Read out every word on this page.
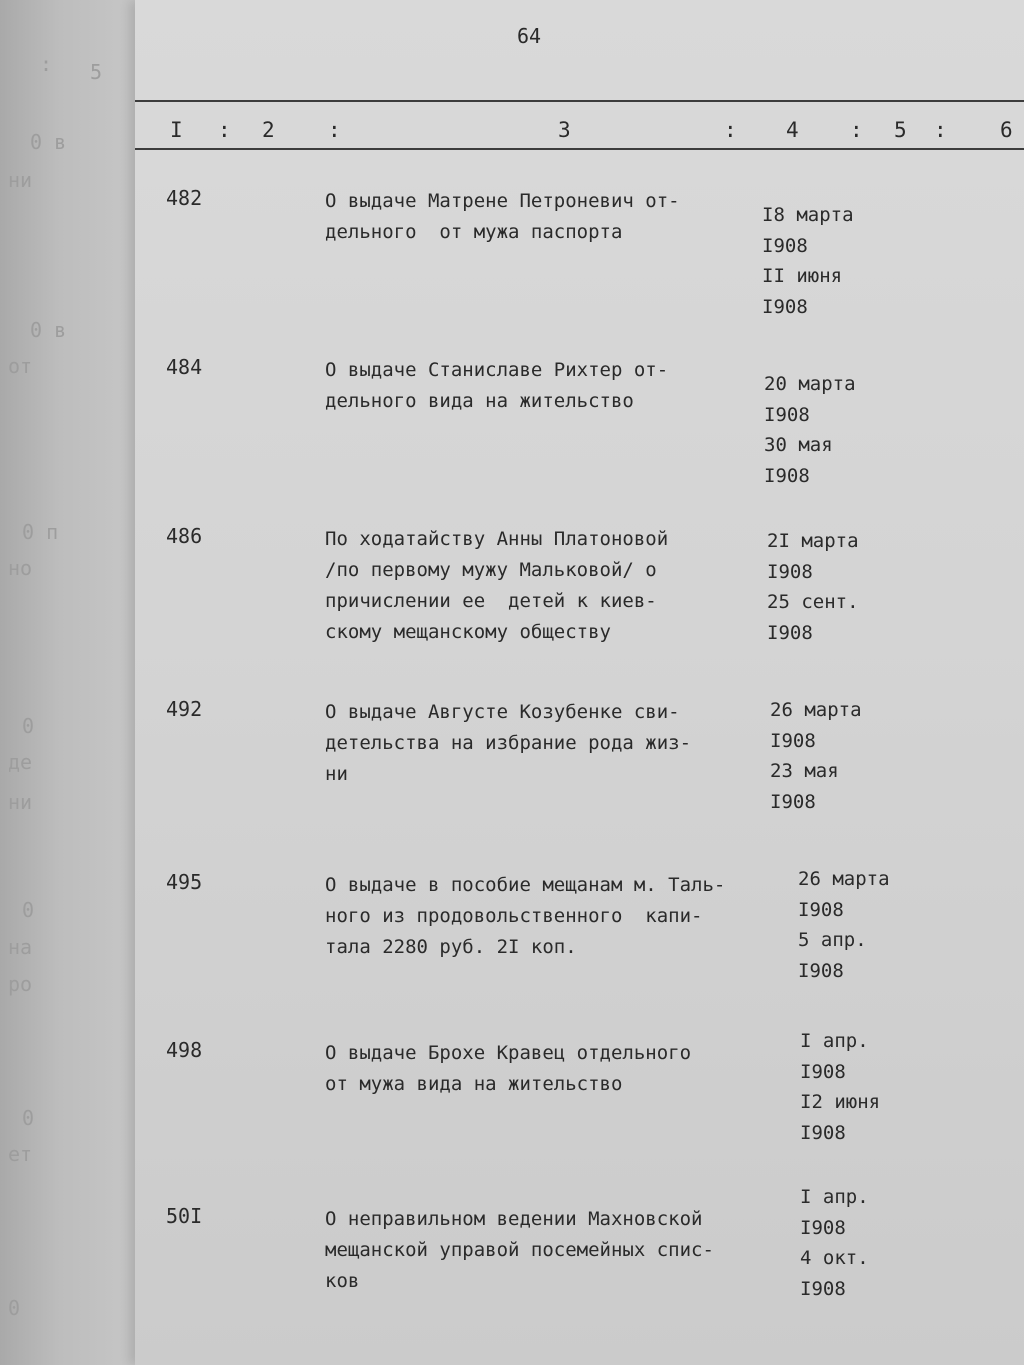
: 5
0 в
ни
0 в
от
0 п
но
0
де
ни
0
на
ро
0
ет
0
64
I : 2	:	3	: 4 : 5 :	6
482	О выдаче Матрене Петроневич от-
дельного  от мужа паспорта
I8 марта
I908
II июня
I908
484	О выдаче Станиславе Рихтер от-
дельного вида на жительство
20 марта
I908
30 мая
I908
486	По ходатайству Анны Платоновой
/по первому мужу Мальковой/ о
причислении ее  детей к киев-
скому мещанскому обществу
2I марта
I908
25 сент.
I908
492	О выдаче Августе Козубенке сви-
детельства на избрание рода жиз-
ни
26 марта
I908
23 мая
I908
495	О выдаче в пособие мещанам м. Таль-
ного из продовольственного  капи-
тала 2280 руб. 2I коп.
26 марта
I908
5 апр.
I908
498	О выдаче Брохе Кравец отдельного
от мужа вида на жительство
I апр.
I908
I2 июня
I908
50I	О неправильном ведении Махновской
мещанской управой посемейных спис-
ков
I апр.
I908
4 окт.
I908
